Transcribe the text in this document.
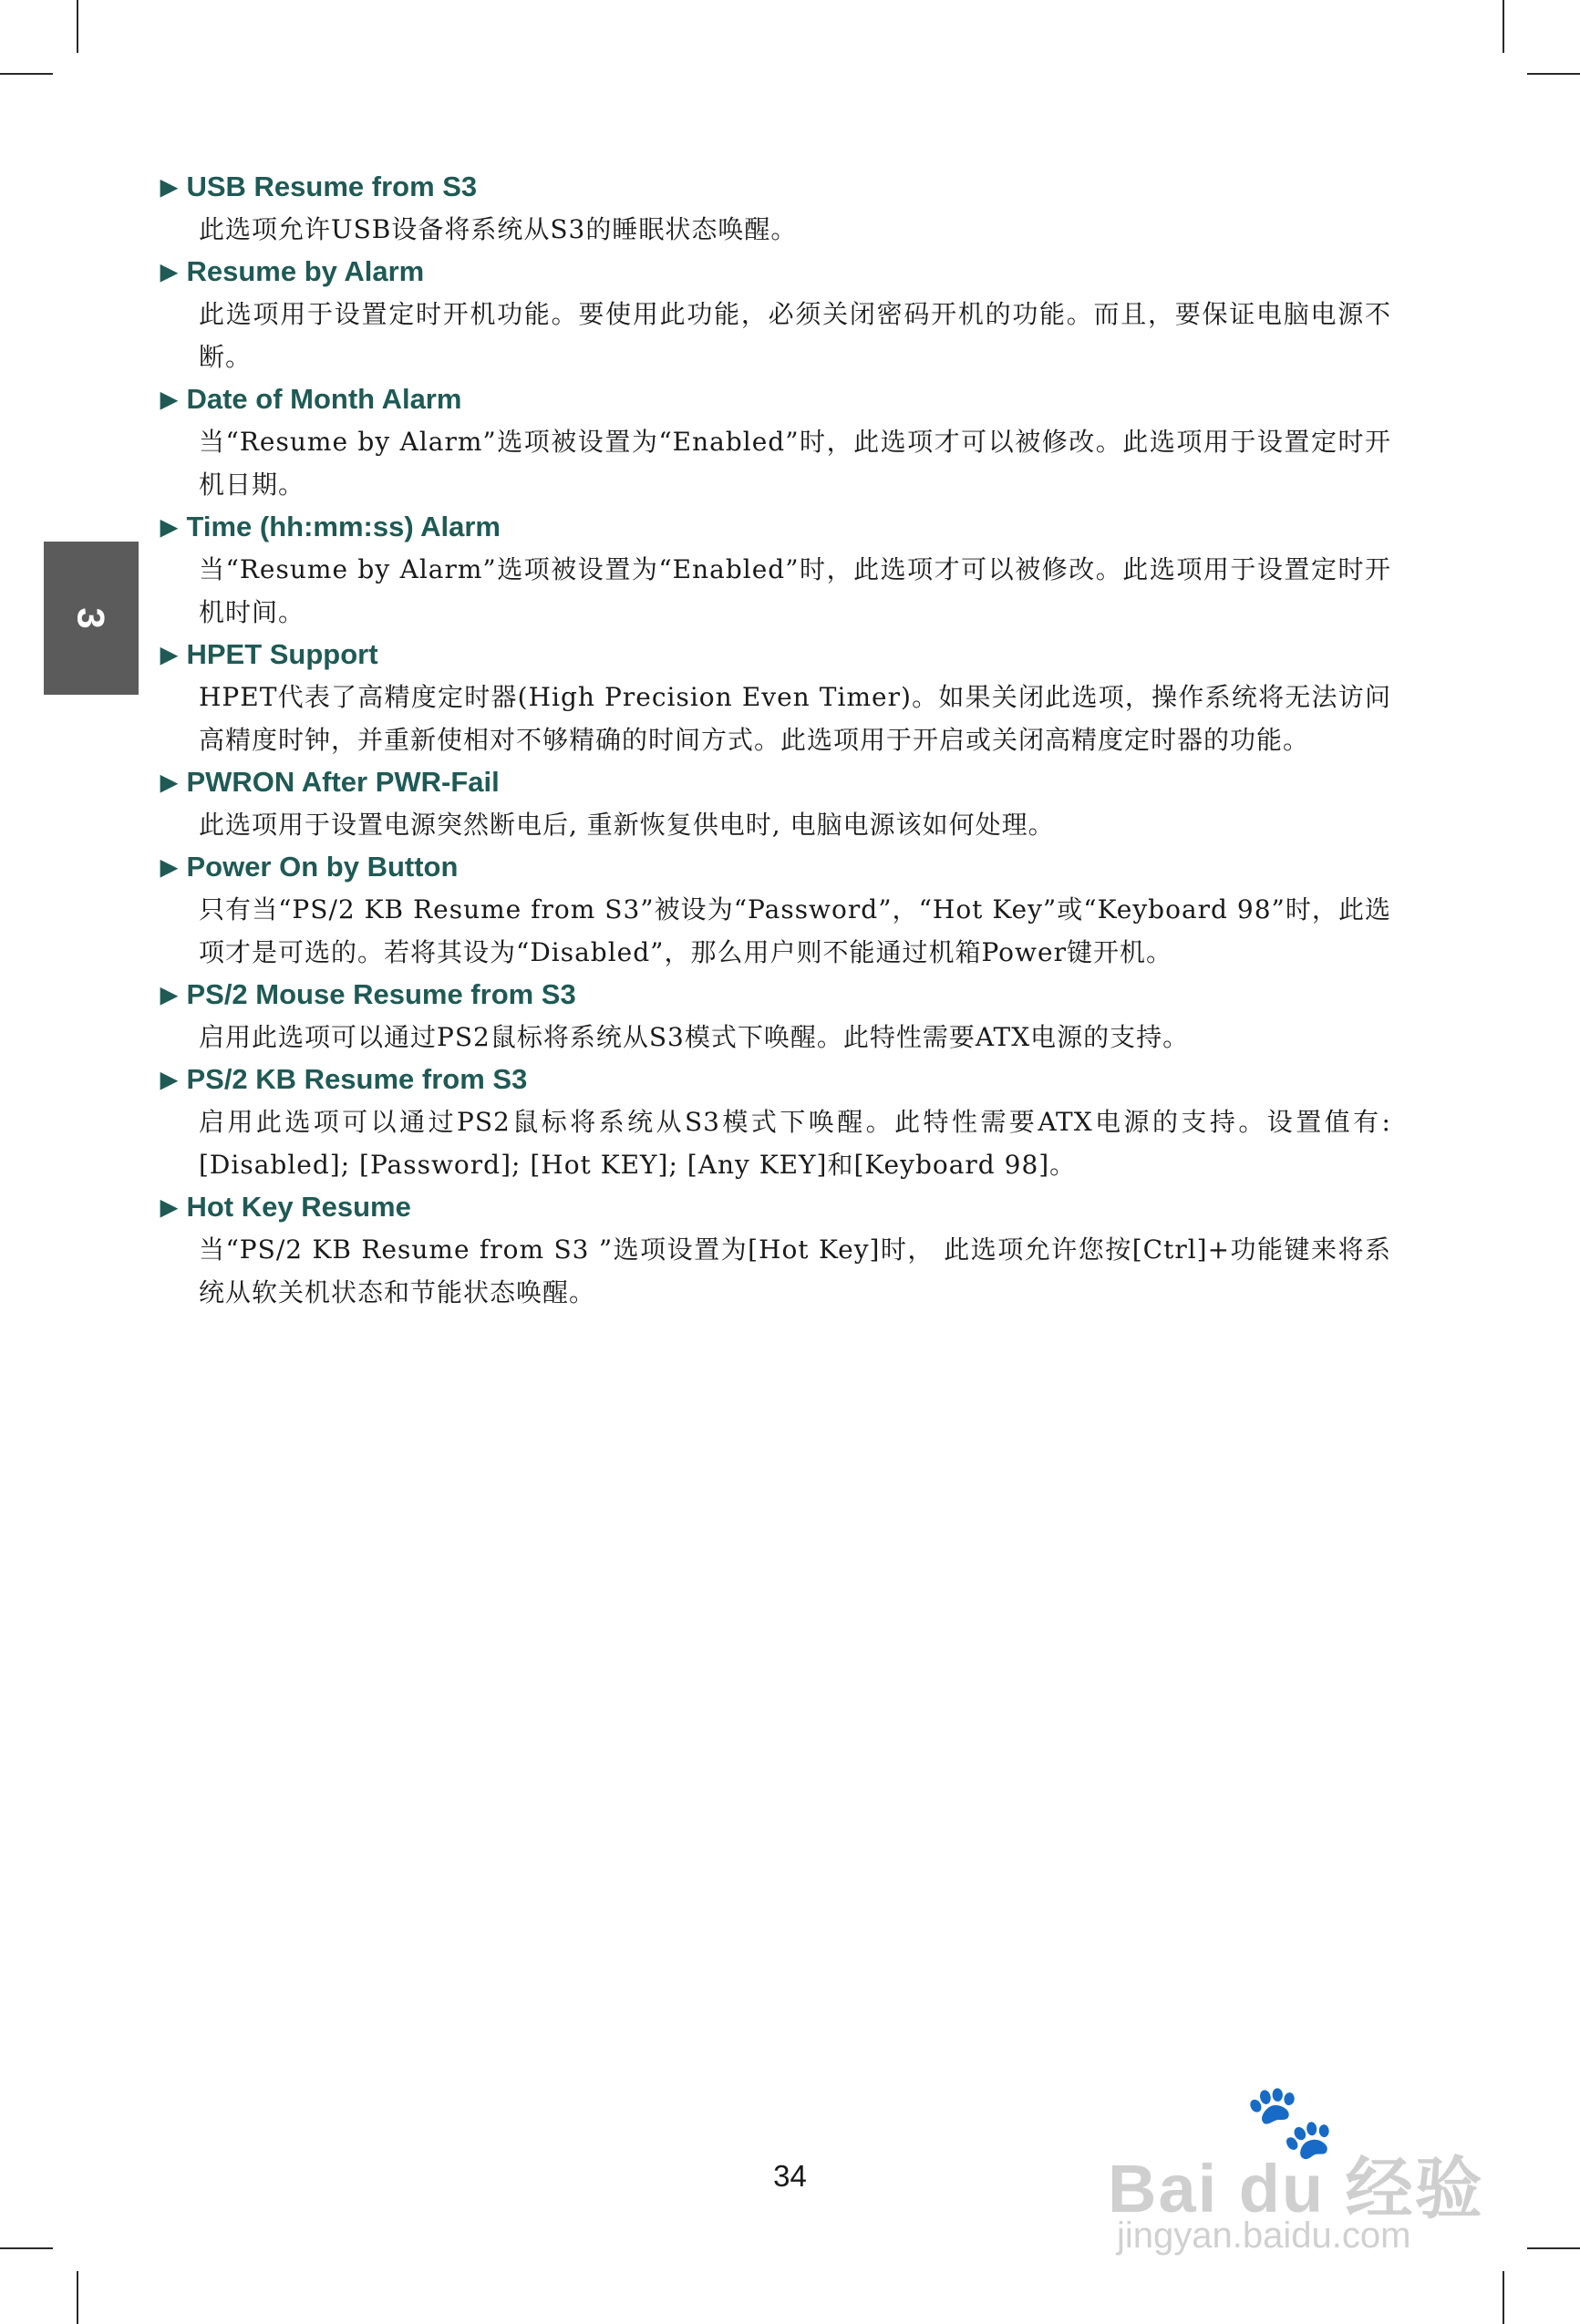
3
▶ USB Resume from S3
此选项允许USB设备将系统从S3的睡眠状态唤醒。
▶ Resume by Alarm
此选项用于设置定时开机功能。要使用此功能，必须关闭密码开机的功能。而且，要保证电脑电源不断。
▶ Date of Month Alarm
当“Resume by Alarm”选项被设置为“Enabled”时，此选项才可以被修改。此选项用于设置定时开机日期。
▶ Time (hh:mm:ss) Alarm
当“Resume by Alarm”选项被设置为“Enabled”时，此选项才可以被修改。此选项用于设置定时开机时间。
▶ HPET Support
HPET代表了高精度定时器(High Precision Even Timer)。如果关闭此选项，操作系统将无法访问高精度时钟，并重新使相对不够精确的时间方式。此选项用于开启或关闭高精度定时器的功能。
▶ PWRON After PWR-Fail
此选项用于设置电源突然断电后, 重新恢复供电时, 电脑电源该如何处理。
▶ Power On by Button
只有当“PS/2 KB Resume from S3”被设为“Password”，“Hot Key”或“Keyboard 98”时，此选项才是可选的。若将其设为“Disabled”，那么用户则不能通过机箱Power键开机。
▶ PS/2 Mouse Resume from S3
启用此选项可以通过PS2鼠标将系统从S3模式下唤醒。此特性需要ATX电源的支持。
▶ PS/2 KB Resume from S3
启用此选项可以通过PS2鼠标将系统从S3模式下唤醒。此特性需要ATX电源的支持。设置值有:[Disabled]; [Password]; [Hot KEY]; [Any KEY]和[Keyboard 98]。
▶ Hot Key Resume
当“PS/2 KB Resume from S3 ”选项设置为[Hot Key]时， 此选项允许您按[Ctrl]+功能键来将系统从软关机状态和节能状态唤醒。
34
🐾
Bai du 经验
jingyan.baidu.com
